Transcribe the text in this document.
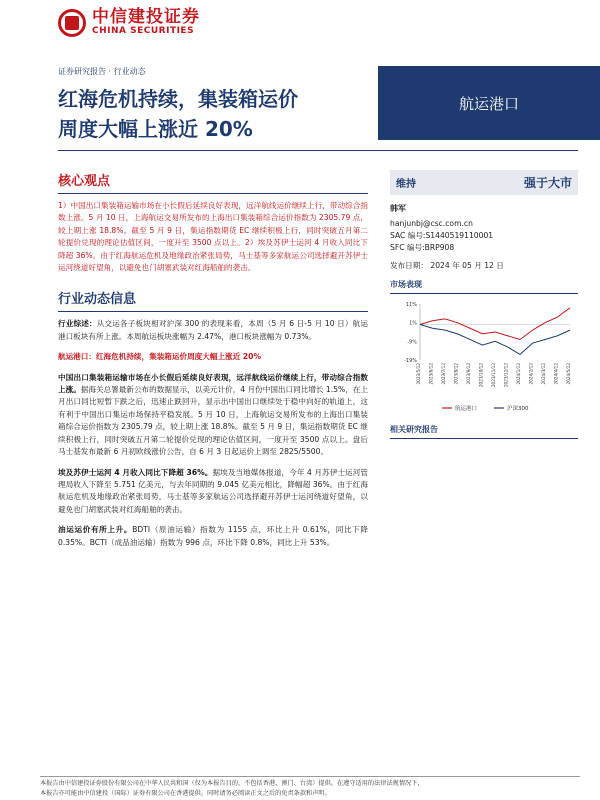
中信建投证券
CHINA SECURITIES
证券研究报告 · 行业动态
红海危机持续，集装箱运价
周度大幅上涨近 20%
航运港口
核心观点
1）中国出口集装箱运输市场在小长假后延续良好表现，远洋航线运价继续上行，带动综合指数上涨。5 月 10 日，上海航运交易所发布的上海出口集装箱综合运价指数为 2305.79 点，较上期上涨 18.8%。截至 5 月 9 日，集运指数期货 EC 继续积极上行，同时突破五月第二轮提价兑现的理论估值区间，一度升至 3500 点以上。2）埃及苏伊士运河 4 月收入同比下降超 36%。由于红海航运危机及地缘政治紧张局势，马士基等多家航运公司选择避开苏伊士运河绕道好望角，以避免也门胡塞武装对红海船舶的袭击。
行业动态信息
行业综述：从交运各子板块相对沪深 300 的表现来看，本周（5 月 6 日-5 月 10 日）航运港口板块有所上涨。本周航运板块涨幅为 2.47%，港口板块涨幅为 0.73%。
航运港口：红海危机持续，集装箱运价周度大幅上涨近 20%
中国出口集装箱运输市场在小长假后延续良好表现，远洋航线运价继续上行，带动综合指数上涨。据海关总署最新公布的数据显示，以美元计价，4 月份中国出口同比增长 1.5%，在上月出口同比短暂下跌之后，迅速止跌回升，显示出中国出口继续处于稳中向好的轨道上，这有利于中国出口集运市场保持平稳发展。5 月 10 日，上海航运交易所发布的上海出口集装箱综合运价指数为 2305.79 点，较上期上涨 18.8%。截至 5 月 9 日，集运指数期货 EC 继续积极上行，同时突破五月第二轮提价兑现的理论估值区间，一度升至 3500 点以上。盘后马士基发布最新 6 月初欧线涨价公告，自 6 月 3 日起运价上调至 2825/5500。
埃及苏伊士运河 4 月收入同比下降超 36%。据埃及当地媒体报道，今年 4 月苏伊士运河管理局收入下降至 5.751 亿美元，与去年同期的 9.045 亿美元相比，降幅超 36%。由于红海航运危机及地缘政治紧张局势，马士基等多家航运公司选择避开苏伊士运河绕道好望角，以避免也门胡塞武装对红海船舶的袭击。
油运运价有所上升。BDTI（原油运输）指数为 1155 点，环比上升 0.61%，同比下降 0.35%。BCTI（成品油运输）指数为 996 点，环比下降 0.8%，同比上升 53%。
维持	强于大市
韩军
hanjunbj@csc.com.cn
SAC 编号:S1440519110001
SFC 编号:BRP908
发布日期： 2024 年 05 月 12 日
市场表现
11%
1%
-9%
-19%
2023/5/12 2023/6/12 2023/7/12 2023/8/12 2023/9/12 2023/10/12 2023/11/12 2023/12/12 2024/1/12 2024/2/12 2024/3/12 2024/4/12 2024/5/12
航运港口	沪深300
相关研究报告
本报告由中信建投证券股份有限公司在中华人民共和国（仅为本报告目的，不包括香港、澳门、台湾）提供。在遵守适用的法律法规情况下，
本报告亦可能由中信建投（国际）证券有限公司在香港提供。同时请务必阅读正文之后的免责条款和声明。
